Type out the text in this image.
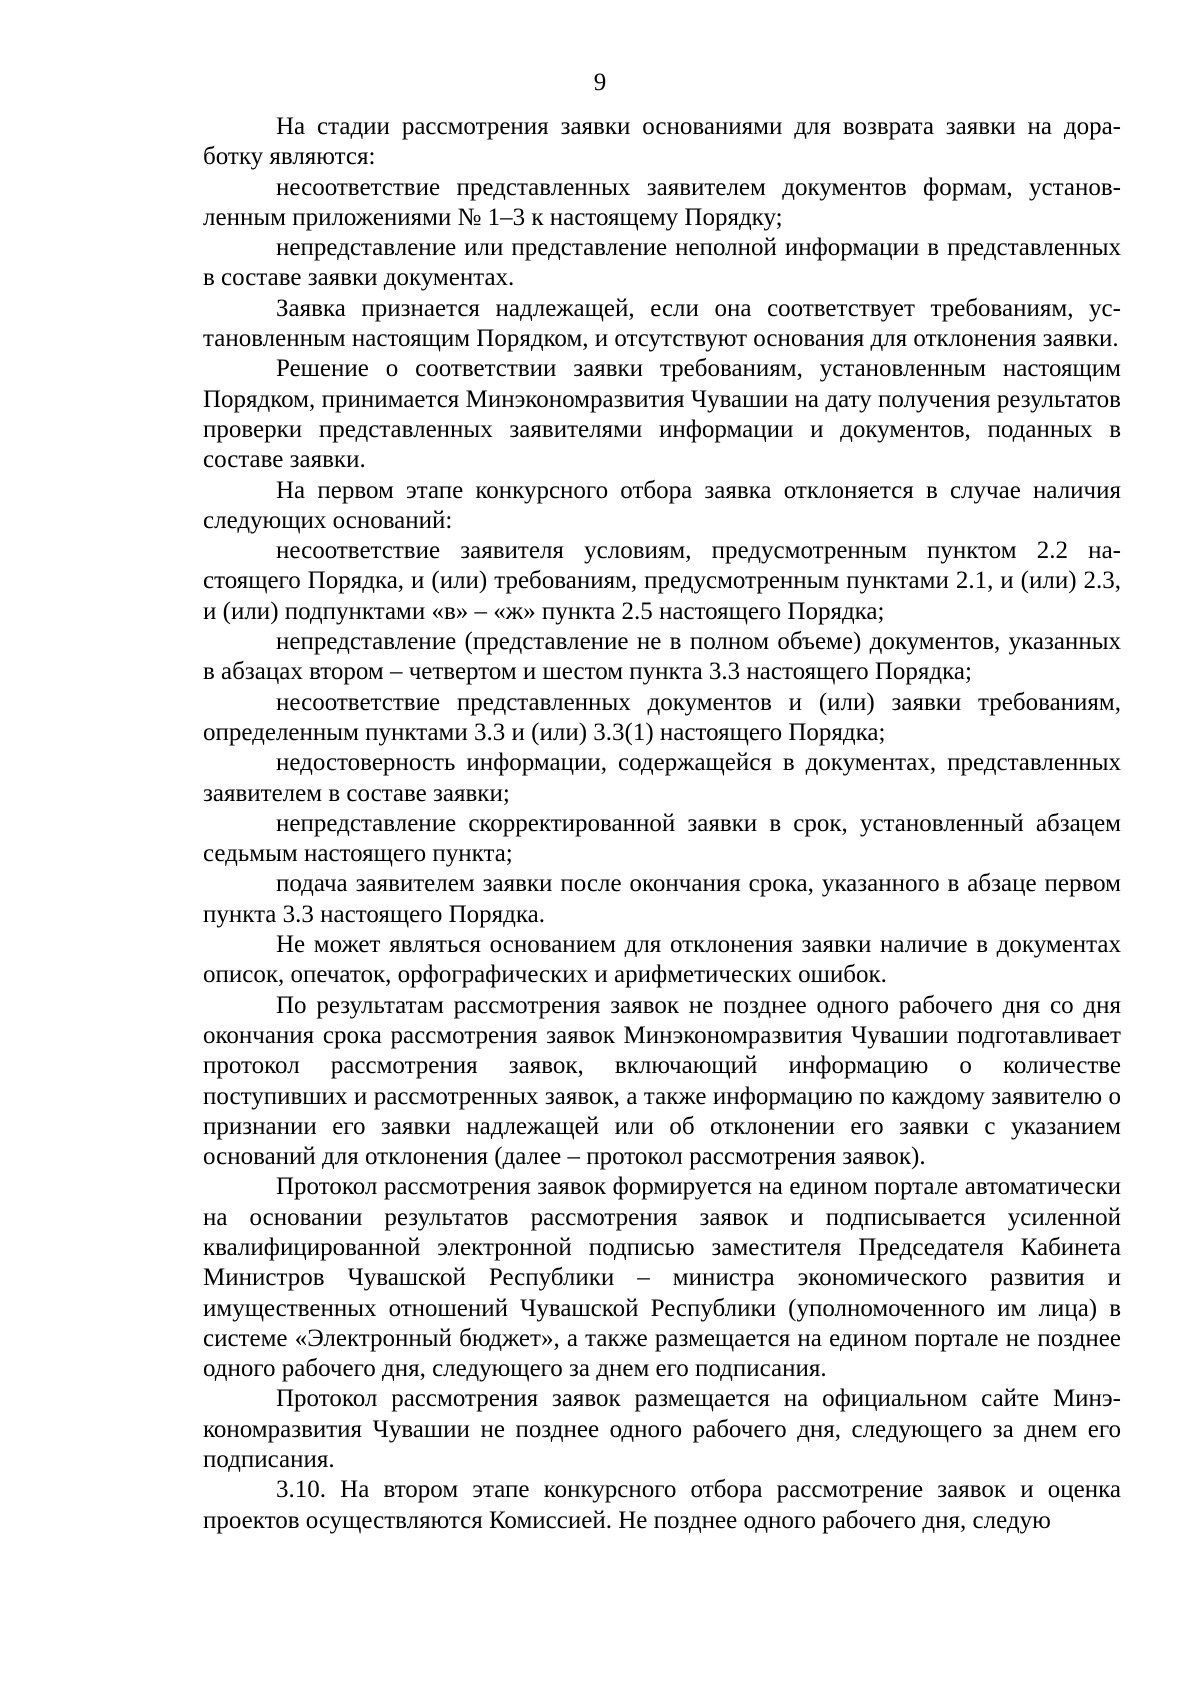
9

На стадии рассмотрения заявки основаниями для возврата заявки на доработку являются:

несоответствие представленных заявителем документов формам, установленным приложениями № 1–3 к настоящему Порядку;

непредставление или представление неполной информации в представленных в составе заявки документах.

Заявка признается надлежащей, если она соответствует требованиям, установленным настоящим Порядком, и отсутствуют основания для отклонения заявки.

Решение о соответствии заявки требованиям, установленным настоящим Порядком, принимается Минэкономразвития Чувашии на дату получения результатов проверки представленных заявителями информации и документов, поданных в составе заявки.

На первом этапе конкурсного отбора заявка отклоняется в случае наличия следующих оснований:

несоответствие заявителя условиям, предусмотренным пунктом 2.2 настоящего Порядка, и (или) требованиям, предусмотренным пунктами 2.1, и (или) 2.3, и (или) подпунктами «в» – «ж» пункта 2.5 настоящего Порядка;

непредставление (представление не в полном объеме) документов, указанных в абзацах втором – четвертом и шестом пункта 3.3 настоящего Порядка;

несоответствие представленных документов и (или) заявки требованиям, определенным пунктами 3.3 и (или) 3.3(1) настоящего Порядка;

недостоверность информации, содержащейся в документах, представленных заявителем в составе заявки;

непредставление скорректированной заявки в срок, установленный абзацем седьмым настоящего пункта;

подача заявителем заявки после окончания срока, указанного в абзаце первом пункта 3.3 настоящего Порядка.

Не может являться основанием для отклонения заявки наличие в документах описок, опечаток, орфографических и арифметических ошибок.

По результатам рассмотрения заявок не позднее одного рабочего дня со дня окончания срока рассмотрения заявок Минэкономразвития Чувашии подготавливает протокол рассмотрения заявок, включающий информацию о количестве поступивших и рассмотренных заявок, а также информацию по каждому заявителю о признании его заявки надлежащей или об отклонении его заявки с указанием оснований для отклонения (далее – протокол рассмотрения заявок).

Протокол рассмотрения заявок формируется на едином портале автоматически на основании результатов рассмотрения заявок и подписывается усиленной квалифицированной электронной подписью заместителя Председателя Кабинета Министров Чувашской Республики – министра экономического развития и имущественных отношений Чувашской Республики (уполномоченного им лица) в системе «Электронный бюджет», а также размещается на едином портале не позднее одного рабочего дня, следующего за днем его подписания.

Протокол рассмотрения заявок размещается на официальном сайте Минэкономразвития Чувашии не позднее одного рабочего дня, следующего за днем его подписания.

3.10. На втором этапе конкурсного отбора рассмотрение заявок и оценка проектов осуществляются Комиссией. Не позднее одного рабочего дня, следую
